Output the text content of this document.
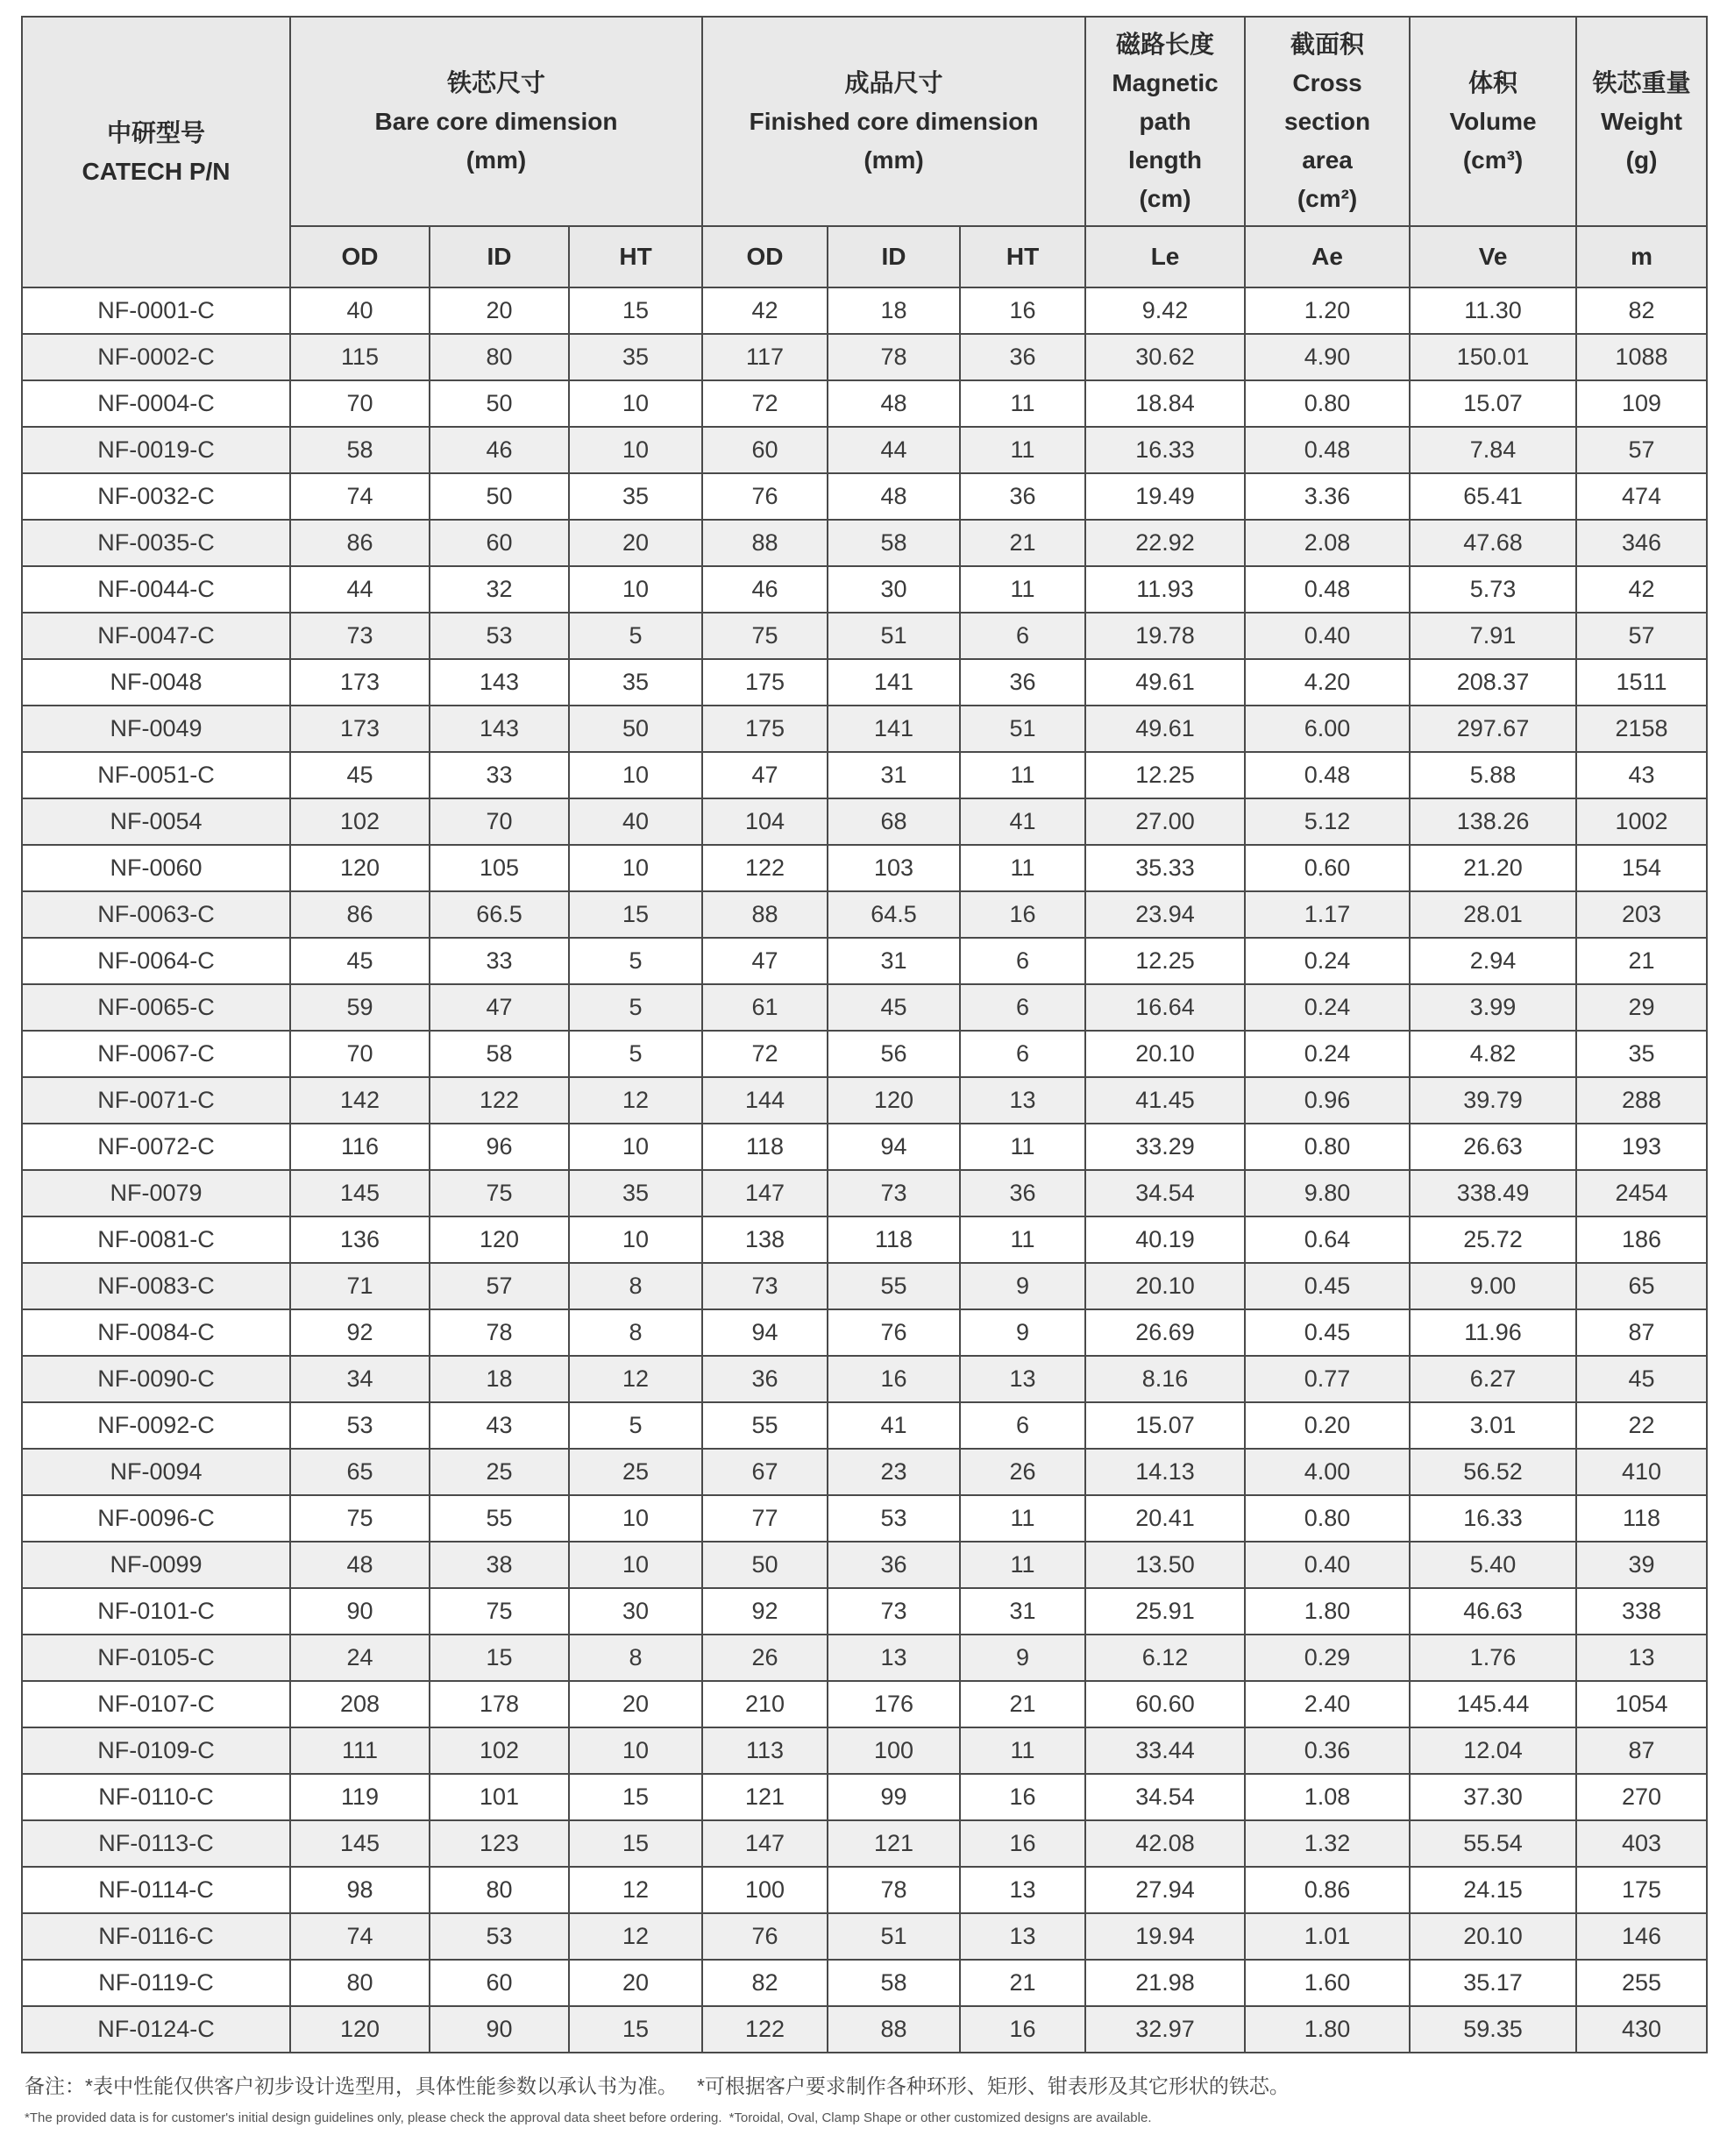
中研型号
CATECH P/N	铁芯尺寸
Bare core dimension
(mm)			成品尺寸
Finished core dimension
(mm)			磁路长度
Magnetic
path
length
(cm)	截面积
Cross
section
area
(cm²)	体积
Volume
(cm³)	铁芯重量
Weight
(g)

	OD	ID	HT	OD	ID	HT	Le	Ae	Ve	m
NF-0001-C	40	20	15	42	18	16	9.42	1.20	11.30	82
NF-0002-C	115	80	35	117	78	36	30.62	4.90	150.01	1088
NF-0004-C	70	50	10	72	48	11	18.84	0.80	15.07	109
NF-0019-C	58	46	10	60	44	11	16.33	0.48	7.84	57
NF-0032-C	74	50	35	76	48	36	19.49	3.36	65.41	474
NF-0035-C	86	60	20	88	58	21	22.92	2.08	47.68	346
NF-0044-C	44	32	10	46	30	11	11.93	0.48	5.73	42
NF-0047-C	73	53	5	75	51	6	19.78	0.40	7.91	57
NF-0048	173	143	35	175	141	36	49.61	4.20	208.37	1511
NF-0049	173	143	50	175	141	51	49.61	6.00	297.67	2158
NF-0051-C	45	33	10	47	31	11	12.25	0.48	5.88	43
NF-0054	102	70	40	104	68	41	27.00	5.12	138.26	1002
NF-0060	120	105	10	122	103	11	35.33	0.60	21.20	154
NF-0063-C	86	66.5	15	88	64.5	16	23.94	1.17	28.01	203
NF-0064-C	45	33	5	47	31	6	12.25	0.24	2.94	21
NF-0065-C	59	47	5	61	45	6	16.64	0.24	3.99	29
NF-0067-C	70	58	5	72	56	6	20.10	0.24	4.82	35
NF-0071-C	142	122	12	144	120	13	41.45	0.96	39.79	288
NF-0072-C	116	96	10	118	94	11	33.29	0.80	26.63	193
NF-0079	145	75	35	147	73	36	34.54	9.80	338.49	2454
NF-0081-C	136	120	10	138	118	11	40.19	0.64	25.72	186
NF-0083-C	71	57	8	73	55	9	20.10	0.45	9.00	65
NF-0084-C	92	78	8	94	76	9	26.69	0.45	11.96	87
NF-0090-C	34	18	12	36	16	13	8.16	0.77	6.27	45
NF-0092-C	53	43	5	55	41	6	15.07	0.20	3.01	22
NF-0094	65	25	25	67	23	26	14.13	4.00	56.52	410
NF-0096-C	75	55	10	77	53	11	20.41	0.80	16.33	118
NF-0099	48	38	10	50	36	11	13.50	0.40	5.40	39
NF-0101-C	90	75	30	92	73	31	25.91	1.80	46.63	338
NF-0105-C	24	15	8	26	13	9	6.12	0.29	1.76	13
NF-0107-C	208	178	20	210	176	21	60.60	2.40	145.44	1054
NF-0109-C	111	102	10	113	100	11	33.44	0.36	12.04	87
NF-0110-C	119	101	15	121	99	16	34.54	1.08	37.30	270
NF-0113-C	145	123	15	147	121	16	42.08	1.32	55.54	403
NF-0114-C	98	80	12	100	78	13	27.94	0.86	24.15	175
NF-0116-C	74	53	12	76	51	13	19.94	1.01	20.10	146
NF-0119-C	80	60	20	82	58	21	21.98	1.60	35.17	255
NF-0124-C	120	90	15	122	88	16	32.97	1.80	59.35	430
备注：*表中性能仅供客户初步设计选型用，具体性能参数以承认书为准。 *可根据客户要求制作各种环形、矩形、钳表形及其它形状的铁芯。
*The provided data is for customer's initial design guidelines only, please check the approval data sheet before ordering. *Toroidal, Oval, Clamp Shape or other customized designs are available.
